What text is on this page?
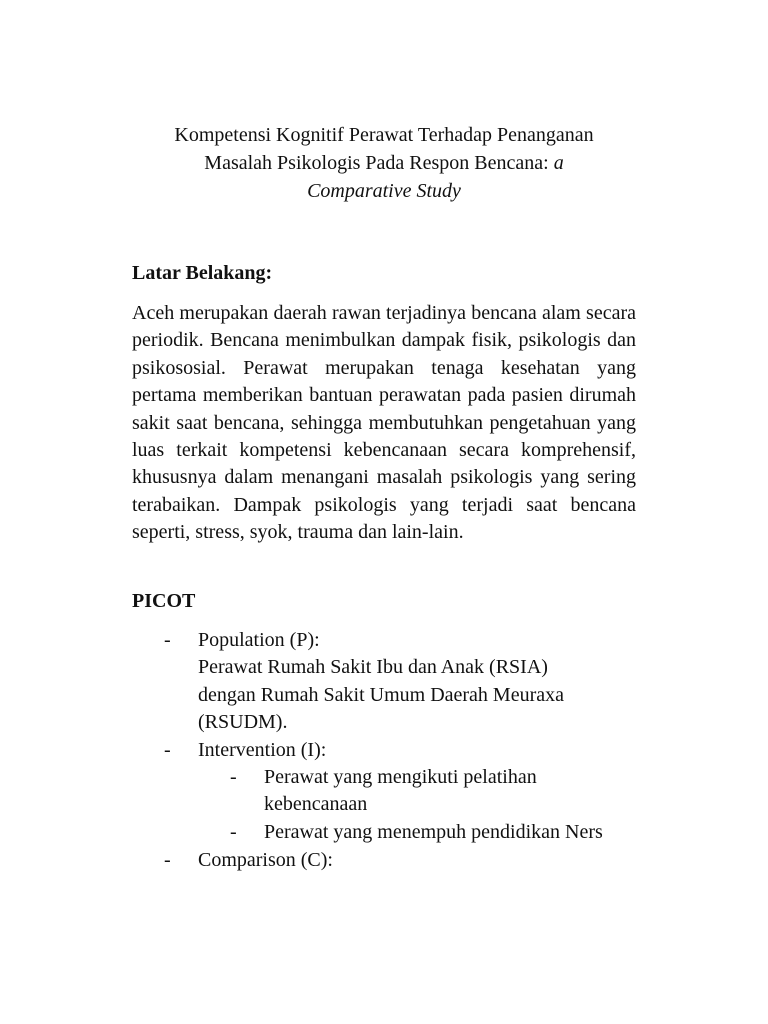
Kompetensi Kognitif Perawat Terhadap Penanganan
Masalah Psikologis Pada Respon Bencana: a
Comparative Study
Latar Belakang:

Aceh merupakan daerah rawan terjadinya bencana alam secara periodik. Bencana menimbulkan dampak fisik, psikologis dan psikososial. Perawat merupakan tenaga kesehatan yang pertama memberikan bantuan perawatan pada pasien dirumah sakit saat bencana, sehingga membutuhkan pengetahuan yang luas terkait kompetensi kebencanaan secara komprehensif, khususnya dalam menangani masalah psikologis yang sering terabaikan. Dampak psikologis yang terjadi saat bencana seperti, stress, syok, trauma dan lain-lain.

PICOT
- Population (P):
Perawat Rumah Sakit Ibu dan Anak (RSIA)
dengan Rumah Sakit Umum Daerah Meuraxa
(RSUDM).
- Intervention (I):
- Perawat yang mengikuti pelatihan
kebencanaan
- Perawat yang menempuh pendidikan Ners
- Comparison (C):
